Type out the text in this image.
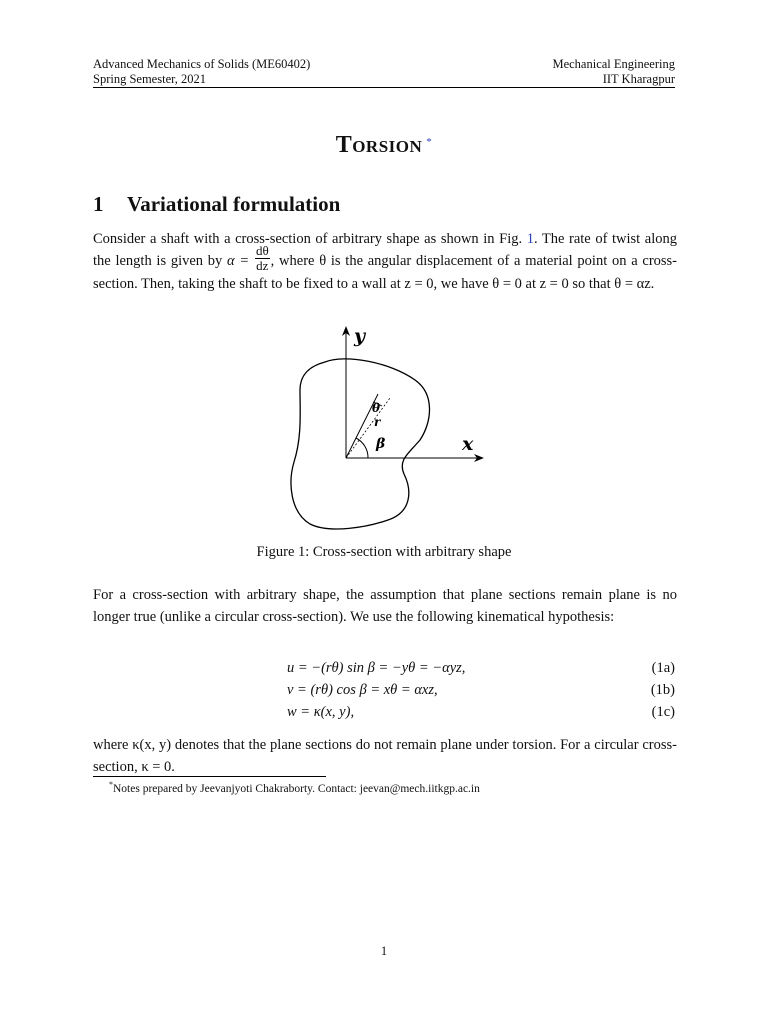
Advanced Mechanics of Solids (ME60402)
Spring Semester, 2021
Mechanical Engineering
IIT Kharagpur
Torsion *
1 Variational formulation
Consider a shaft with a cross-section of arbitrary shape as shown in Fig. 1. The rate of twist along the length is given by $\alpha = \frac{d\theta}{dz}$ , where θ is the angular displacement of a material point on a cross-section. Then, taking the shaft to be fixed to a wall at z = 0, we have θ = 0 at z = 0 so that θ = αz.
y
x
θ
r
β
Figure 1: Cross-section with arbitrary shape
For a cross-section with arbitrary shape, the assumption that plane sections remain plane is no longer true (unlike a circular cross-section). We use the following kinematical hypothesis:
u = −(rθ) sin β = −yθ = −αyz,	(1a)
v = (rθ) cos β = xθ = αxz,	(1b)
w = κ(x, y),	(1c)
where κ(x, y) denotes that the plane sections do not remain plane under torsion. For a circular cross-section, κ = 0.
*Notes prepared by Jeevanjyoti Chakraborty. Contact: jeevan@mech.iitkgp.ac.in
1
